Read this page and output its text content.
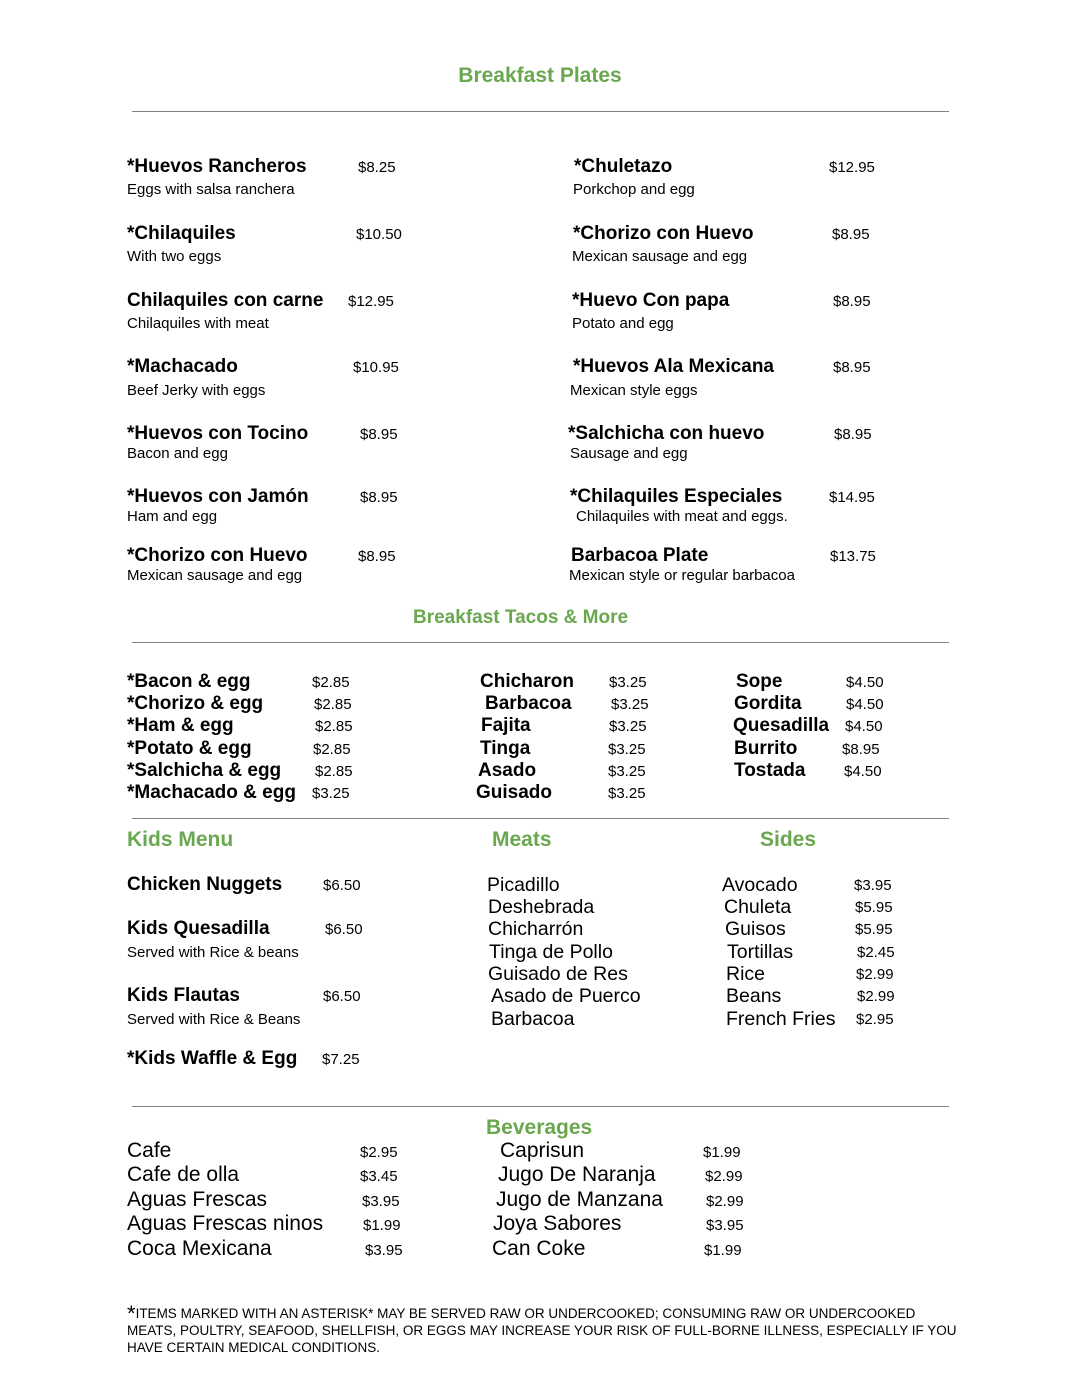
Breakfast Plates
*Huevos Rancheros	$8.25
Eggs with salsa ranchera
*Chilaquiles	$10.50
With two eggs
Chilaquiles con carne $12.95
Chilaquiles with meat
*Machacado	$10.95
Beef Jerky with eggs
*Huevos con Tocino	$8.95
Bacon and egg
*Huevos con Jamón	$8.95
Ham and egg
*Chorizo con Huevo	$8.95
Mexican sausage and egg
*Chuletazo	$12.95
Porkchop and egg
*Chorizo con Huevo	$8.95
Mexican sausage and egg
*Huevo Con papa	$8.95
Potato and egg
*Huevos Ala Mexicana	$8.95
Mexican style eggs
*Salchicha con huevo	$8.95
Sausage and egg
*Chilaquiles Especiales	$14.95
Chilaquiles with meat and eggs.
Barbacoa Plate	$13.75
Mexican style or regular barbacoa
Breakfast Tacos & More
*Bacon & egg	$2.85
*Chorizo & egg	$2.85
*Ham & egg	$2.85
*Potato & egg	$2.85
*Salchicha & egg $2.85
*Machacado & egg $3.25
Chicharon $3.25
Barbacoa	$3.25
Fajita	$3.25
Tinga	$3.25
Asado	$3.25
Guisado	$3.25
Sope	$4.50
Gordita	$4.50
Quesadilla $4.50
Burrito	$8.95
Tostada	$4.50
Kids Menu	Meats	Sides
Chicken Nuggets	$6.50
Kids Quesadilla	$6.50
Served with Rice & beans
Kids Flautas	$6.50
Served with Rice & Beans
*Kids Waffle & Egg $7.25
Picadillo
Deshebrada
Chicharrón
Tinga de Pollo
Guisado de Res
Asado de Puerco
Barbacoa
Avocado	$3.95
Chuleta	$5.95
Guisos	$5.95
Tortillas	$2.45
Rice	$2.99
Beans	$2.99
French Fries $2.95
Beverages
Cafe	$2.95
Cafe de olla	$3.45
Aguas Frescas	$3.95
Aguas Frescas ninos	$1.99
Coca Mexicana	$3.95
Caprisun	$1.99
Jugo De Naranja	$2.99
Jugo de Manzana	$2.99
Joya Sabores	$3.95
Can Coke	$1.99
*ITEMS MARKED WITH AN ASTERISK* MAY BE SERVED RAW OR UNDERCOOKED; CONSUMING RAW OR UNDERCOOKED MEATS, POULTRY, SEAFOOD, SHELLFISH, OR EGGS MAY INCREASE YOUR RISK OF FULL-BORNE ILLNESS, ESPECIALLY IF YOU HAVE CERTAIN MEDICAL CONDITIONS.
